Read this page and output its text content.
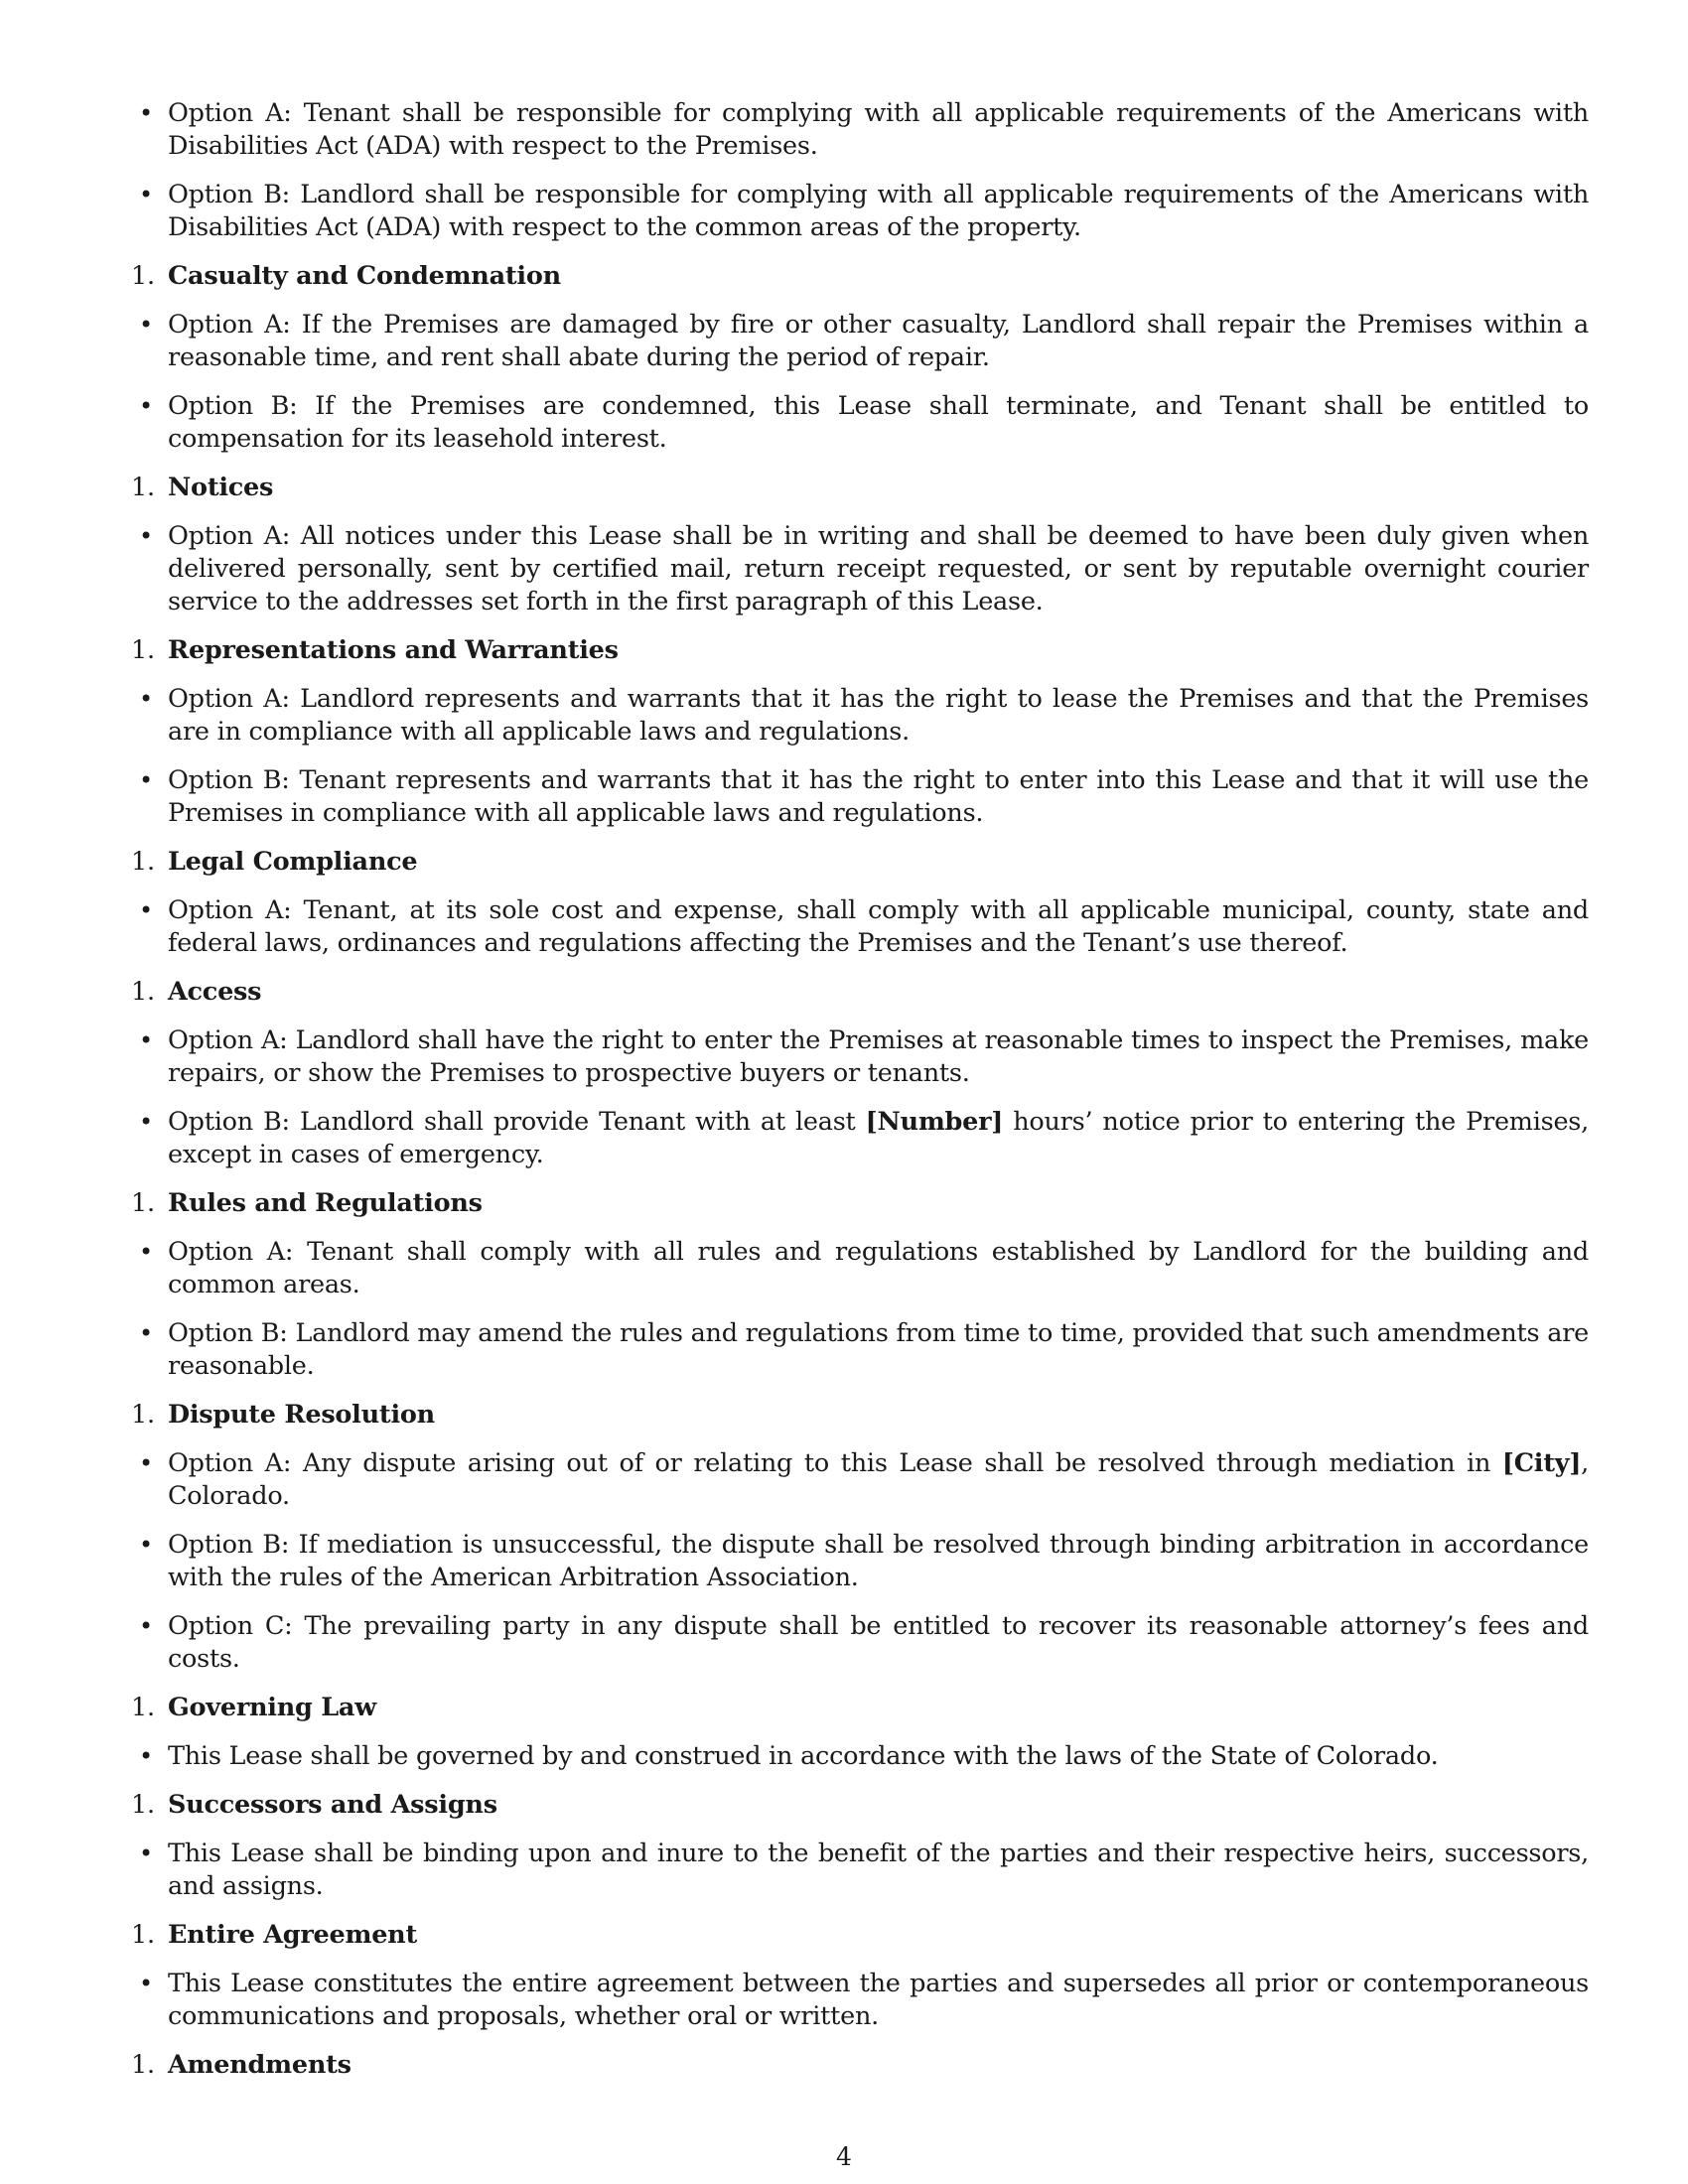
• Option A: Tenant shall be responsible for complying with all applicable requirements of the Americans with Disabilities Act (ADA) with respect to the Premises.
• Option B: Landlord shall be responsible for complying with all applicable requirements of the Americans with Disabilities Act (ADA) with respect to the common areas of the property.
1. Casualty and Condemnation
• Option A: If the Premises are damaged by fire or other casualty, Landlord shall repair the Premises within a reasonable time, and rent shall abate during the period of repair.
• Option B: If the Premises are condemned, this Lease shall terminate, and Tenant shall be entitled to compensation for its leasehold interest.
1. Notices
• Option A: All notices under this Lease shall be in writing and shall be deemed to have been duly given when delivered personally, sent by certified mail, return receipt requested, or sent by reputable overnight courier service to the addresses set forth in the first paragraph of this Lease.
1. Representations and Warranties
• Option A: Landlord represents and warrants that it has the right to lease the Premises and that the Premises are in compliance with all applicable laws and regulations.
• Option B: Tenant represents and warrants that it has the right to enter into this Lease and that it will use the Premises in compliance with all applicable laws and regulations.
1. Legal Compliance
• Option A: Tenant, at its sole cost and expense, shall comply with all applicable municipal, county, state and federal laws, ordinances and regulations affecting the Premises and the Tenant’s use thereof.
1. Access
• Option A: Landlord shall have the right to enter the Premises at reasonable times to inspect the Premises, make repairs, or show the Premises to prospective buyers or tenants.
• Option B: Landlord shall provide Tenant with at least [Number] hours’ notice prior to entering the Premises, except in cases of emergency.
1. Rules and Regulations
• Option A: Tenant shall comply with all rules and regulations established by Landlord for the building and common areas.
• Option B: Landlord may amend the rules and regulations from time to time, provided that such amendments are reasonable.
1. Dispute Resolution
• Option A: Any dispute arising out of or relating to this Lease shall be resolved through mediation in [City], Colorado.
• Option B: If mediation is unsuccessful, the dispute shall be resolved through binding arbitration in accordance with the rules of the American Arbitration Association.
• Option C: The prevailing party in any dispute shall be entitled to recover its reasonable attorney’s fees and costs.
1. Governing Law
• This Lease shall be governed by and construed in accordance with the laws of the State of Colorado.
1. Successors and Assigns
• This Lease shall be binding upon and inure to the benefit of the parties and their respective heirs, successors, and assigns.
1. Entire Agreement
• This Lease constitutes the entire agreement between the parties and supersedes all prior or contemporaneous communications and proposals, whether oral or written.
1. Amendments
4
